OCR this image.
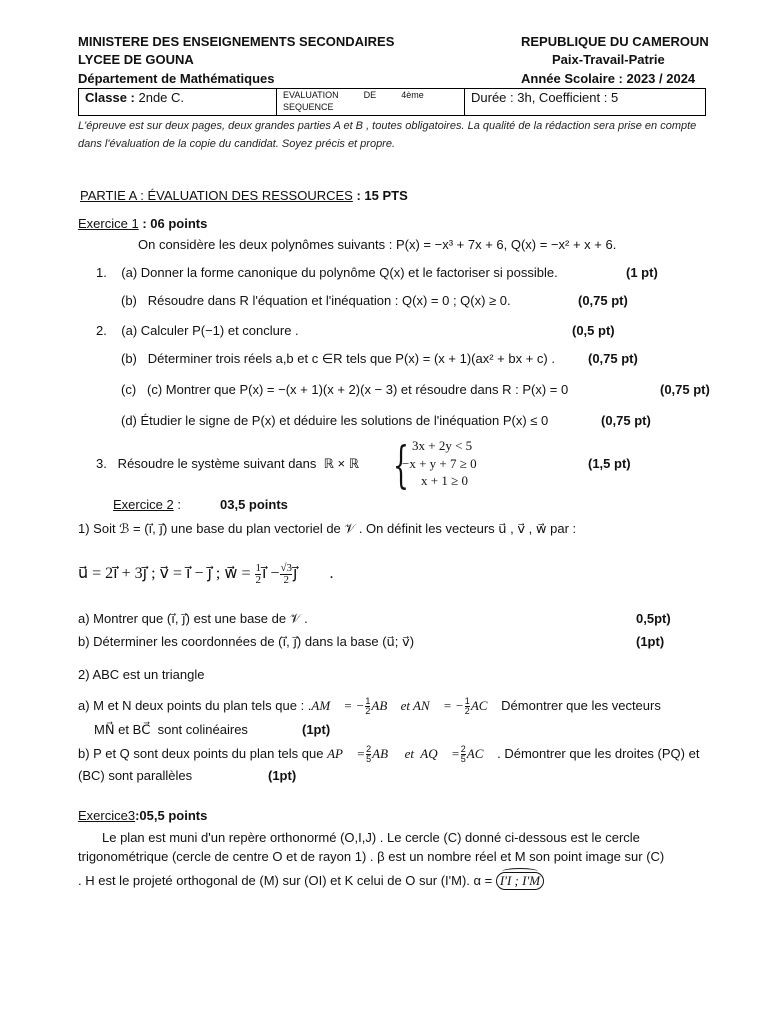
MINISTERE DES ENSEIGNEMENTS SECONDAIRES
LYCEE DE GOUNA
Département de Mathématiques
REPUBLIQUE DU CAMEROUN
Paix-Travail-Patrie
Année Scolaire : 2023 / 2024
Classe : 2nde C.	EVALUATION          DE          4ème
SEQUENCE
	Durée : 3h, Coefficient : 5
L'épreuve est sur deux pages, deux grandes parties A et B , toutes obligatoires. La qualité de la rédaction sera prise en compte
dans l'évaluation de la copie du candidat. Soyez précis et propre.
PARTIE A : ÉVALUATION DES RESSOURCES : 15 PTS
Exercice 1 : 06 points
On considère les deux polynômes suivants : P(x) = −x³ + 7x + 6, Q(x) = −x² + x + 6.
1.    (a) Donner la forme canonique du polynôme Q(x) et le factoriser si possible.	(1 pt)
(b)   Résoudre dans R l'équation et l'inéquation : Q(x) = 0 ; Q(x) ≥ 0.	(0,75 pt)
2.    (a) Calculer P(−1) et conclure .	(0,5 pt)
(b)   Déterminer trois réels a,b et c ∈R tels que P(x) = (x + 1)(ax² + bx + c) .	(0,75 pt)
(c)   (c) Montrer que P(x) = −(x + 1)(x + 2)(x − 3) et résoudre dans R : P(x) = 0	(0,75 pt)
(d) Étudier le signe de P(x) et déduire les solutions de l'inéquation P(x) ≤ 0	(0,75 pt)
3.   Résoudre le système suivant dans  ℝ × ℝ { 3x + 2y < 5
−x + y + 7 ≥ 0
x + 1 ≥ 0
(1,5 pt)
Exercice 2 :	03,5 points
1) Soit ℬ = (i⃗, j⃗) une base du plan vectoriel de 𝒱 . On définit les vecteurs u⃗ , v⃗ , w⃗ par :
u⃗ = 2i⃗ + 3j⃗ ; v⃗ = i⃗ − j⃗ ; w⃗ = $\frac{1}{2}$ i⃗ − $\frac{√3}{2}$ j⃗        .
a) Montrer que (i⃗, j⃗) est une base de 𝒱 .	0,5pt)
b) Déterminer les coordonnées de (i⃗, j⃗) dans la base (u⃗; v⃗)	(1pt)
2) ABC est un triangle
a) M et N deux points du plan tels que : .AM⃗ = − $\frac{1}{2}$ AB⃗ et AN⃗ = − $\frac{1}{2}$ AC⃗ Démontrer que les vecteurs
MN⃗ et BC⃗  sont colinéaires	(1pt)
b) P et Q sont deux points du plan tels que AP⃗ = $\frac{2}{5}$ AB⃗  et  AQ⃗ = $\frac{2}{5}$ AC⃗ . Démontrer que les droites (PQ) et
(BC) sont parallèles	(1pt)
Exercice3:05,5 points
Le plan est muni d'un repère orthonormé (O,I,J) . Le cercle (C) donné ci-dessous est le cercle
trigonométrique (cercle de centre O et de rayon 1) . β est un nombre réel et M son point image sur (C)
. H est le projeté orthogonal de (M) sur (OI) et K celui de O sur (I'M). α = I'I ; I'M
